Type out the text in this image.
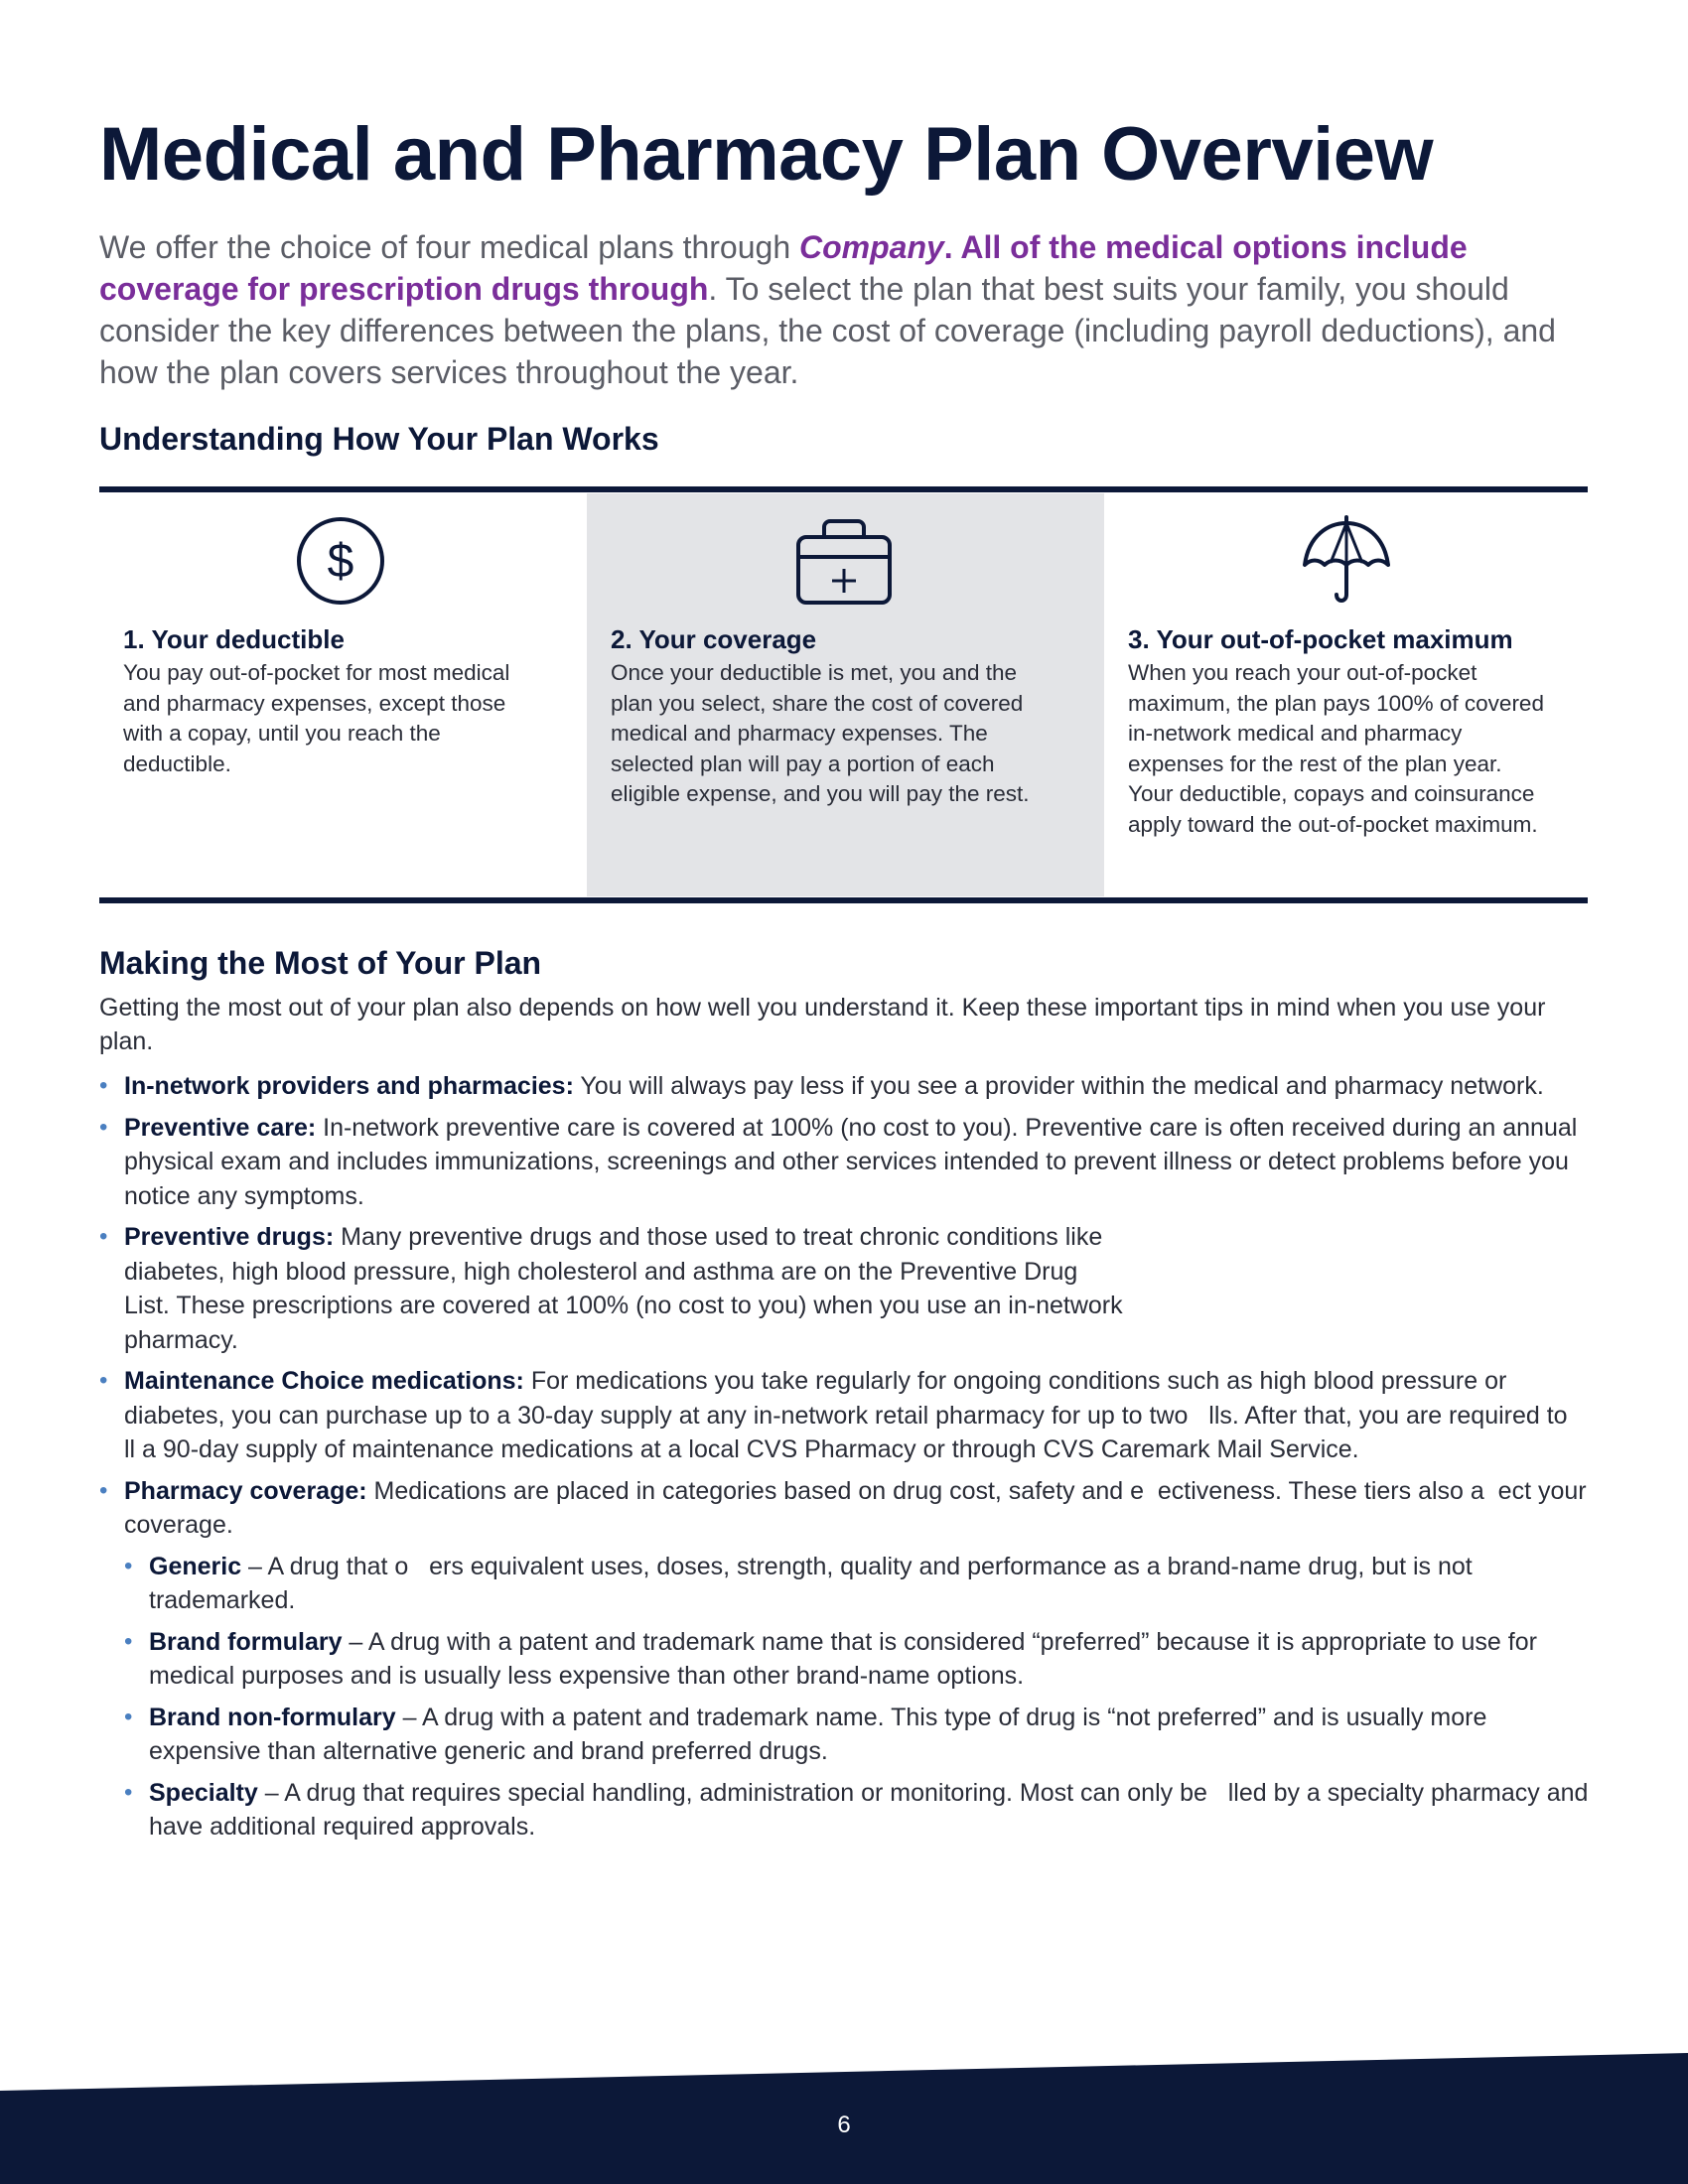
Medical and Pharmacy Plan Overview
We offer the choice of four medical plans through Company. All of the medical options include coverage for prescription drugs through. To select the plan that best suits your family, you should consider the key differences between the plans, the cost of coverage (including payroll deductions), and how the plan covers services throughout the year.
Understanding How Your Plan Works
$
1. Your deductible
You pay out-of-pocket for most medical and pharmacy expenses, except those with a copay, until you reach the deductible.
2. Your coverage
Once your deductible is met, you and the plan you select, share the cost of covered medical and pharmacy expenses. The selected plan will pay a portion of each eligible expense, and you will pay the rest.
3. Your out-of-pocket maximum
When you reach your out-of-pocket maximum, the plan pays 100% of covered in-network medical and pharmacy expenses for the rest of the plan year. Your deductible, copays and coinsurance apply toward the out-of-pocket maximum.
Making the Most of Your Plan
Getting the most out of your plan also depends on how well you understand it. Keep these important tips in mind when you use your plan.
• In-network providers and pharmacies: You will always pay less if you see a provider within the medical and pharmacy network.
• Preventive care: In-network preventive care is covered at 100% (no cost to you). Preventive care is often received during an annual physical exam and includes immunizations, screenings and other services intended to prevent illness or detect problems before you notice any symptoms.
• Preventive drugs: Many preventive drugs and those used to treat chronic conditions like diabetes, high blood pressure, high cholesterol and asthma are on the Preventive Drug List. These prescriptions are covered at 100% (no cost to you) when you use an in-network pharmacy.
• Maintenance Choice medications: For medications you take regularly for ongoing conditions such as high blood pressure or diabetes, you can purchase up to a 30-day supply at any in-network retail pharmacy for up to two   lls. After that, you are required to   ll a 90-day supply of maintenance medications at a local CVS Pharmacy or through CVS Caremark Mail Service.
• Pharmacy coverage: Medications are placed in categories based on drug cost, safety and e  ectiveness. These tiers also a  ect your coverage.
• Generic – A drug that o   ers equivalent uses, doses, strength, quality and performance as a brand-name drug, but is not trademarked.
• Brand formulary – A drug with a patent and trademark name that is considered “preferred” because it is appropriate to use for medical purposes and is usually less expensive than other brand-name options.
• Brand non-formulary – A drug with a patent and trademark name. This type of drug is “not preferred” and is usually more expensive than alternative generic and brand preferred drugs.
• Specialty – A drug that requires special handling, administration or monitoring. Most can only be   lled by a specialty pharmacy and have additional required approvals.
6
